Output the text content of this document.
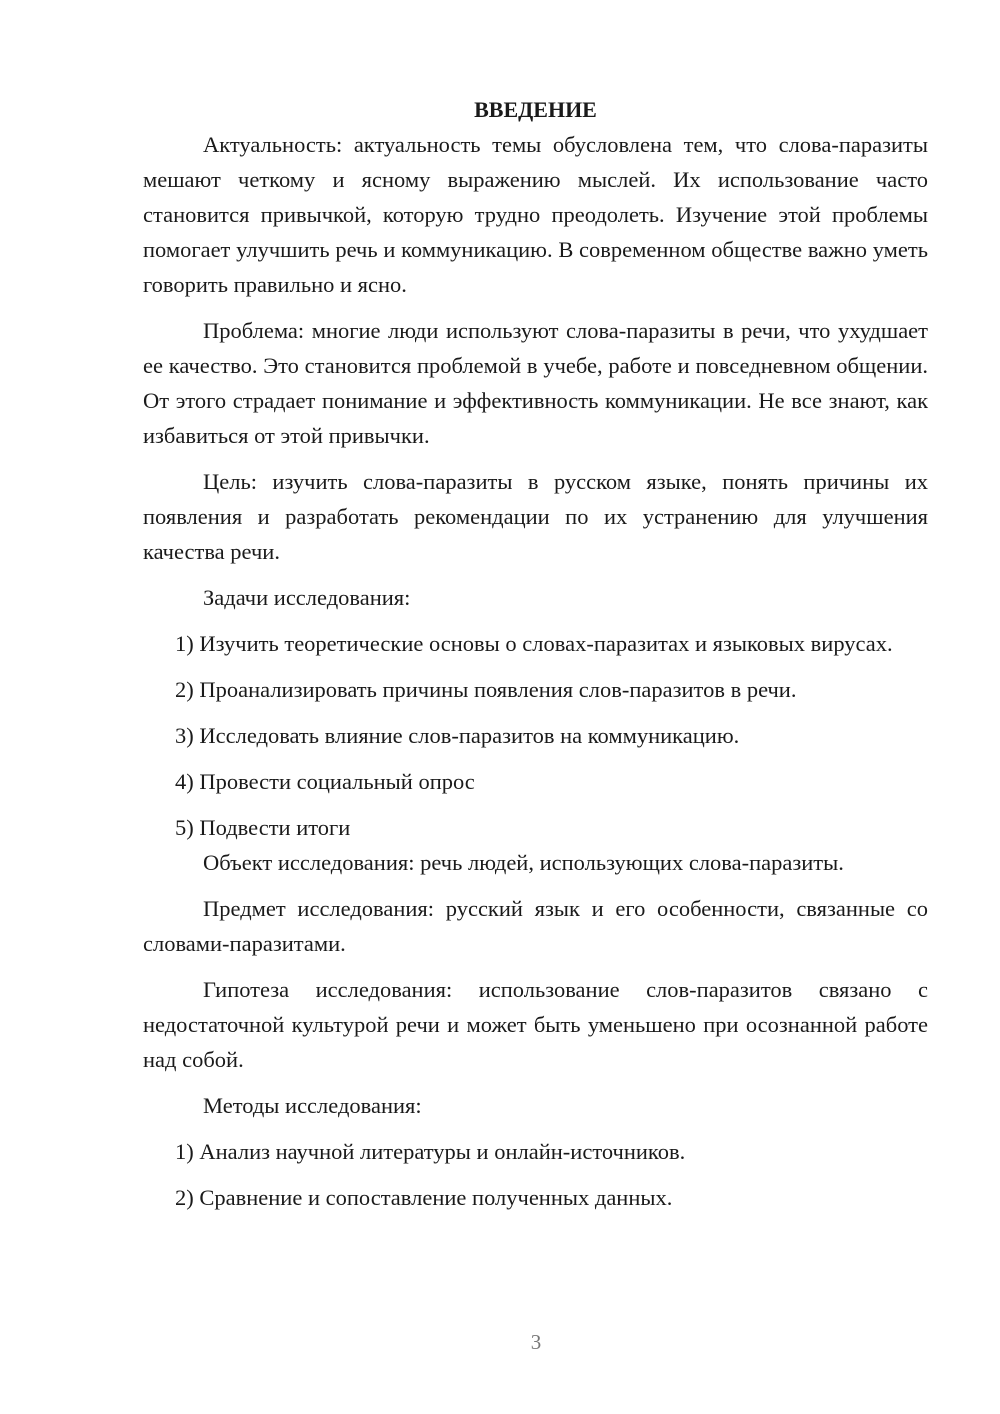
ВВЕДЕНИЕ

Актуальность: актуальность темы обусловлена тем, что слова-паразиты мешают четкому и ясному выражению мыслей. Их использование часто становится привычкой, которую трудно преодолеть. Изучение этой проблемы помогает улучшить речь и коммуникацию. В современном обществе важно уметь говорить правильно и ясно.

Проблема: многие люди используют слова-паразиты в речи, что ухудшает ее качество. Это становится проблемой в учебе, работе и повседневном общении. От этого страдает понимание и эффективность коммуникации. Не все знают, как избавиться от этой привычки.

Цель: изучить слова-паразиты в русском языке, понять причины их появления и разработать рекомендации по их устранению для улучшения качества речи.

Задачи исследования:

1) Изучить теоретические основы о словах-паразитах и языковых вирусах.

2) Проанализировать причины появления слов-паразитов в речи.

3) Исследовать влияние слов-паразитов на коммуникацию.

4) Провести социальный опрос

5) Подвести итоги

Объект исследования: речь людей, использующих слова-паразиты.

Предмет исследования: русский язык и его особенности, связанные со словами-паразитами.

Гипотеза исследования: использование слов-паразитов связано с недостаточной культурой речи и может быть уменьшено при осознанной работе над собой.

Методы исследования:

1) Анализ научной литературы и онлайн-источников.

2) Сравнение и сопоставление полученных данных.

3
